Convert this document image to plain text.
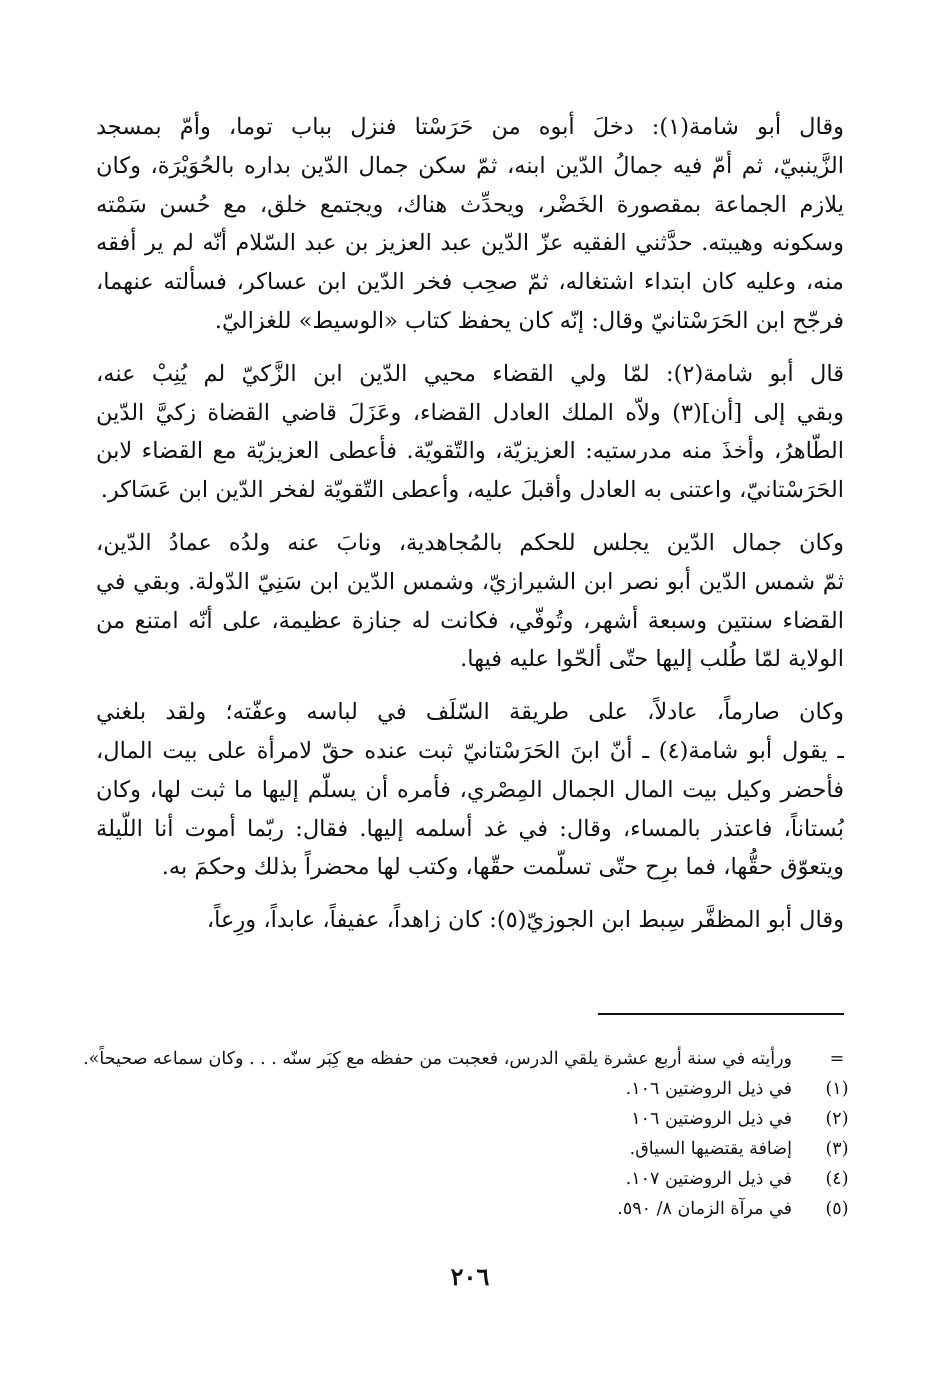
وقال أبو شامة(١): دخلَ أبوه من حَرَسْتا فنزل بباب توما، وأمّ بمسجد
الزَّينبيّ، ثم أمّ فيه جمالُ الدّين ابنه، ثمّ سكن جمال الدّين بداره بالحُوَيْرَة، وكان
يلازم الجماعة بمقصورة الخَضْر، ويحدِّث هناك، ويجتمع خلق، مع حُسن سَمْته
وسكونه وهيبته. حدَّثني الفقيه عزّ الدّين عبد العزيز بن عبد السّلام أنّه لم ير أفقه
منه، وعليه كان ابتداء اشتغاله، ثمّ صحِب فخر الدّين ابن عساكر، فسألته عنهما،
فرجّح ابن الحَرَسْتانيّ وقال: إنّه كان يحفظ كتاب «الوسيط» للغزاليّ.

قال أبو شامة(٢): لمّا ولي القضاء محيي الدّين ابن الزَّكيّ لم يُنِبْ عنه،
وبقي إلى [أن](٣) ولاّه الملك العادل القضاء، وعَزَلَ قاضي القضاة زكيَّ الدّين
الطّاهرُ، وأخذَ منه مدرستيه: العزيزيّة، والتّقويّة. فأعطى العزيزيّة مع القضاء لابن
الحَرَسْتانيّ، واعتنى به العادل وأقبلَ عليه، وأعطى التّقويّة لفخر الدّين ابن عَسَاكر.

وكان جمال الدّين يجلس للحكم بالمُجاهدية، ونابَ عنه ولدُه عمادُ الدّين،
ثمّ شمس الدّين أبو نصر ابن الشيرازيّ، وشمس الدّين ابن سَنِيّ الدّولة. وبقي في
القضاء سنتين وسبعة أشهر، وتُوفّي، فكانت له جنازة عظيمة، على أنّه امتنع من
الولاية لمّا طُلب إليها حتّى ألحّوا عليه فيها.

وكان صارماً، عادلاً، على طريقة السّلَف في لباسه وعفّته؛ ولقد بلغني
ـ يقول أبو شامة(٤) ـ أنّ ابنَ الحَرَسْتانيّ ثبت عنده حقّ لامرأة على بيت المال،
فأحضر وكيل بيت المال الجمال المِصْري، فأمره أن يسلّم إليها ما ثبت لها، وكان
بُستاناً، فاعتذر بالمساء، وقال: في غد أسلمه إليها. فقال: ربّما أموت أنا اللّيلة
ويتعوّق حقُّها، فما برِح حتّى تسلّمت حقّها، وكتب لها محضراً بذلك وحكمَ به.

وقال أبو المظفَّر سِبط ابن الجوزيّ(٥): كان زاهداً، عفيفاً، عابداً، ورِعاً،

=
ورأيته في سنة أربع عشرة يلقي الدرس، فعجبت من حفظه مع كِبَر سنّه . . . وكان سماعه صحيحاً».
(١)
في ذيل الروضتين ١٠٦.
(٢)
في ذيل الروضتين ١٠٦
(٣)
إضافة يقتضيها السياق.
(٤)
في ذيل الروضتين ١٠٧.
(٥)
في مرآة الزمان ٨/ ٥٩٠.
٢٠٦
